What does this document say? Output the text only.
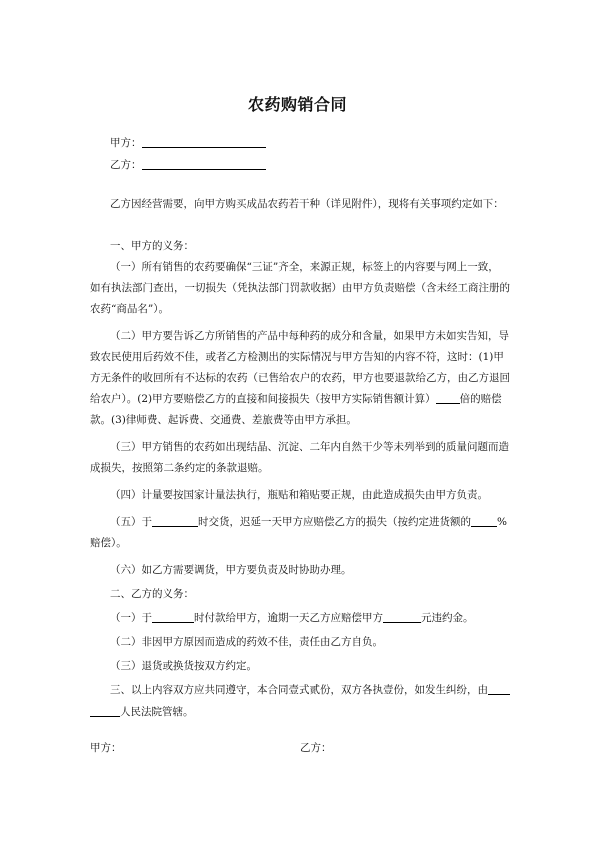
农药购销合同
甲方：
乙方：

乙方因经营需要，向甲方购买成品农药若干种（详见附件），现将有关事项约定如下：

一、甲方的义务：

（一）所有销售的农药要确保“三证”齐全，来源正规，标签上的内容要与网上一致，

如有执法部门查出，一切损失（凭执法部门罚款收据）由甲方负责赔偿（含未经工商注册的

农药“商品名”）。

（二）甲方要告诉乙方所销售的产品中每种药的成分和含量，如果甲方未如实告知，导

致农民使用后药效不佳，或者乙方检测出的实际情况与甲方告知的内容不符，这时：(1)甲

方无条件的收回所有不达标的农药（已售给农户的农药，甲方也要退款给乙方，由乙方退回

给农户）。(2)甲方要赔偿乙方的直接和间接损失（按甲方实际销售额计算） 倍的赔偿

款。(3)律师费、起诉费、交通费、差旅费等由甲方承担。

（三）甲方销售的农药如出现结晶、沉淀、二年内自然干少等未列举到的质量问题而造

成损失，按照第二条约定的条款退赔。

（四）计量要按国家计量法执行，瓶贴和箱贴要正规，由此造成损失由甲方负责。

（五）于	时交货，迟延一天甲方应赔偿乙方的损失（按约定进货额的 %

赔偿）。

（六）如乙方需要调货，甲方要负责及时协助办理。

二、乙方的义务：

（一）于	时付款给甲方，逾期一天乙方应赔偿甲方	元违约金。

（二）非因甲方原因而造成的药效不佳，责任由乙方自负。

（三）退货或换货按双方约定。

三、以上内容双方应共同遵守，本合同壹式贰份，双方各执壹份，如发生纠纷，由

人民法院管辖。

甲方：	乙方：
